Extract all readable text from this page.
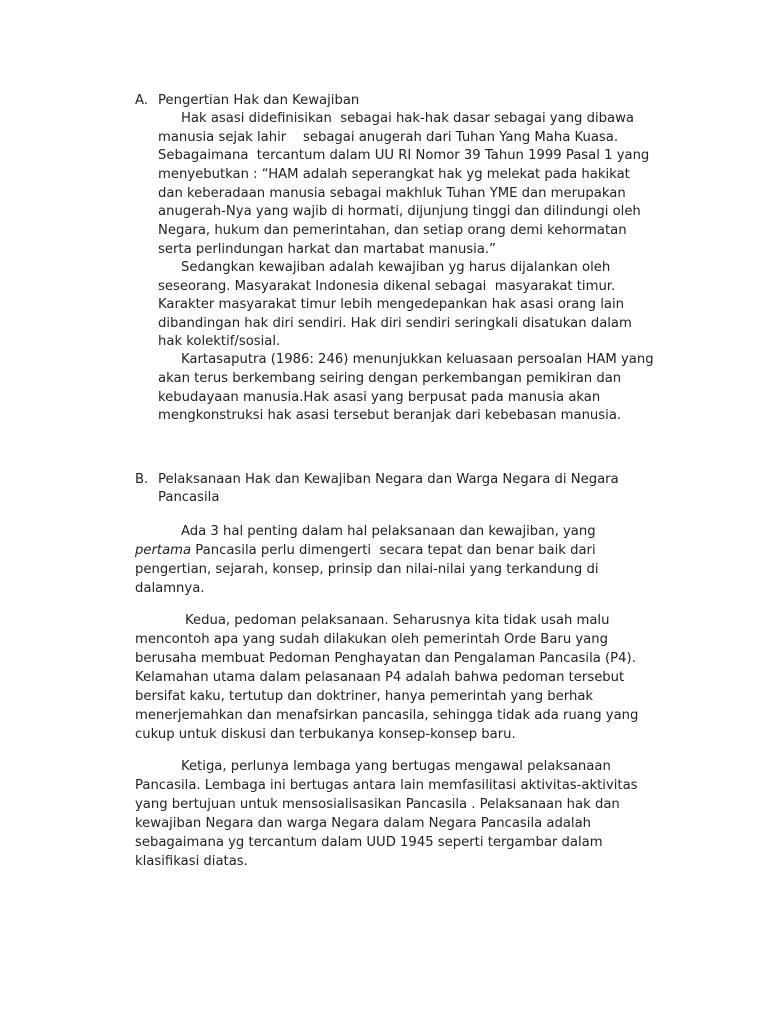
A. Pengertian Hak dan Kewajiban
Hak asasi didefinisikan  sebagai hak-hak dasar sebagai yang dibawa
manusia sejak lahir    sebagai anugerah dari Tuhan Yang Maha Kuasa.
Sebagaimana  tercantum dalam UU RI Nomor 39 Tahun 1999 Pasal 1 yang
menyebutkan : “HAM adalah seperangkat hak yg melekat pada hakikat
dan keberadaan manusia sebagai makhluk Tuhan YME dan merupakan
anugerah-Nya yang wajib di hormati, dijunjung tinggi dan dilindungi oleh
Negara, hukum dan pemerintahan, dan setiap orang demi kehormatan
serta perlindungan harkat dan martabat manusia.”
Sedangkan kewajiban adalah kewajiban yg harus dijalankan oleh
seseorang. Masyarakat Indonesia dikenal sebagai  masyarakat timur.
Karakter masyarakat timur lebih mengedepankan hak asasi orang lain
dibandingan hak diri sendiri. Hak diri sendiri seringkali disatukan dalam
hak kolektif/sosial.
Kartasaputra (1986: 246) menunjukkan keluasaan persoalan HAM yang
akan terus berkembang seiring dengan perkembangan pemikiran dan
kebudayaan manusia.Hak asasi yang berpusat pada manusia akan
mengkonstruksi hak asasi tersebut beranjak dari kebebasan manusia.
B. Pelaksanaan Hak dan Kewajiban Negara dan Warga Negara di Negara
Pancasila
Ada 3 hal penting dalam hal pelaksanaan dan kewajiban, yang
pertama Pancasila perlu dimengerti  secara tepat dan benar baik dari
pengertian, sejarah, konsep, prinsip dan nilai-nilai yang terkandung di
dalamnya.
Kedua, pedoman pelaksanaan. Seharusnya kita tidak usah malu
mencontoh apa yang sudah dilakukan oleh pemerintah Orde Baru yang
berusaha membuat Pedoman Penghayatan dan Pengalaman Pancasila (P4).
Kelamahan utama dalam pelasanaan P4 adalah bahwa pedoman tersebut
bersifat kaku, tertutup dan doktriner, hanya pemerintah yang berhak
menerjemahkan dan menafsirkan pancasila, sehingga tidak ada ruang yang
cukup untuk diskusi dan terbukanya konsep-konsep baru.
Ketiga, perlunya lembaga yang bertugas mengawal pelaksanaan
Pancasila. Lembaga ini bertugas antara lain memfasilitasi aktivitas-aktivitas
yang bertujuan untuk mensosialisasikan Pancasila . Pelaksanaan hak dan
kewajiban Negara dan warga Negara dalam Negara Pancasila adalah
sebagaimana yg tercantum dalam UUD 1945 seperti tergambar dalam
klasifikasi diatas.
